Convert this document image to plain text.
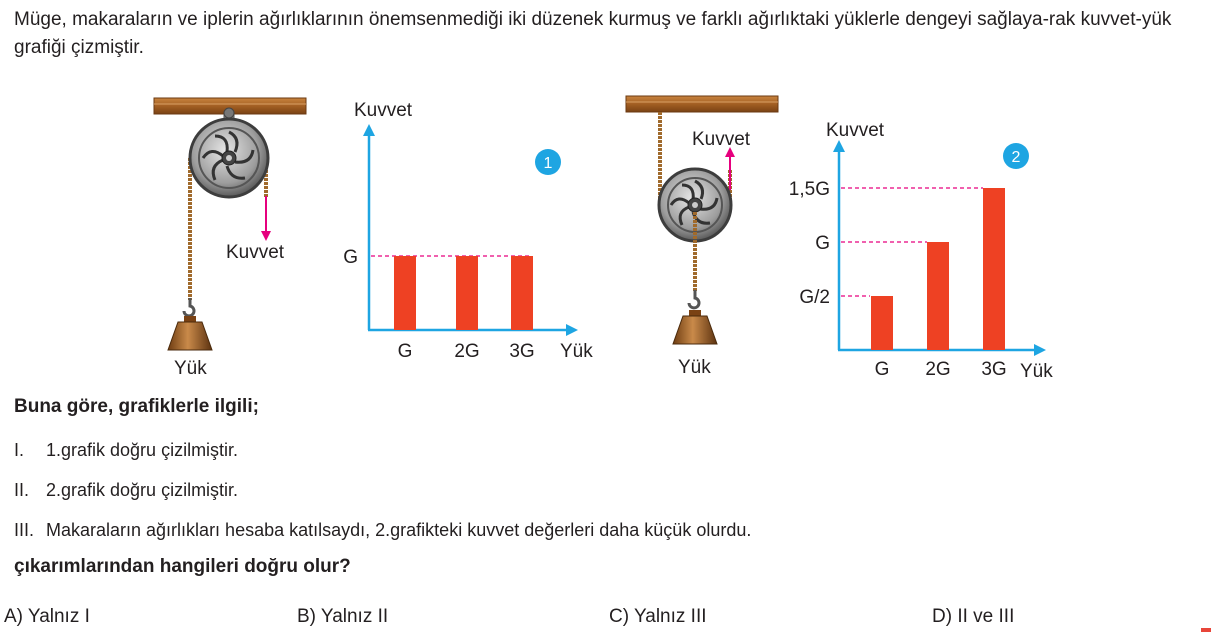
Müge, makaraların ve iplerin ağırlıklarının önemsenmediği iki düzenek kurmuş ve farklı ağırlıktaki yüklerle dengeyi sağlaya-rak kuvvet-yük grafiği çizmiştir.
Kuvvet
Yük
Kuvvet
Yük
1
G
G 2G 3G
Kuvvet
Yük
Kuvvet
Yük
2
G/2
G
1,5G
G 2G 3G
Buna göre, grafiklerle ilgili;
I. 1.grafik doğru çizilmiştir.
II. 2.grafik doğru çizilmiştir.
III. Makaraların ağırlıkları hesaba katılsaydı, 2.grafikteki kuvvet değerleri daha küçük olurdu.
çıkarımlarından hangileri doğru olur?
A) Yalnız I	B) Yalnız II	C) Yalnız III	D) II ve III
